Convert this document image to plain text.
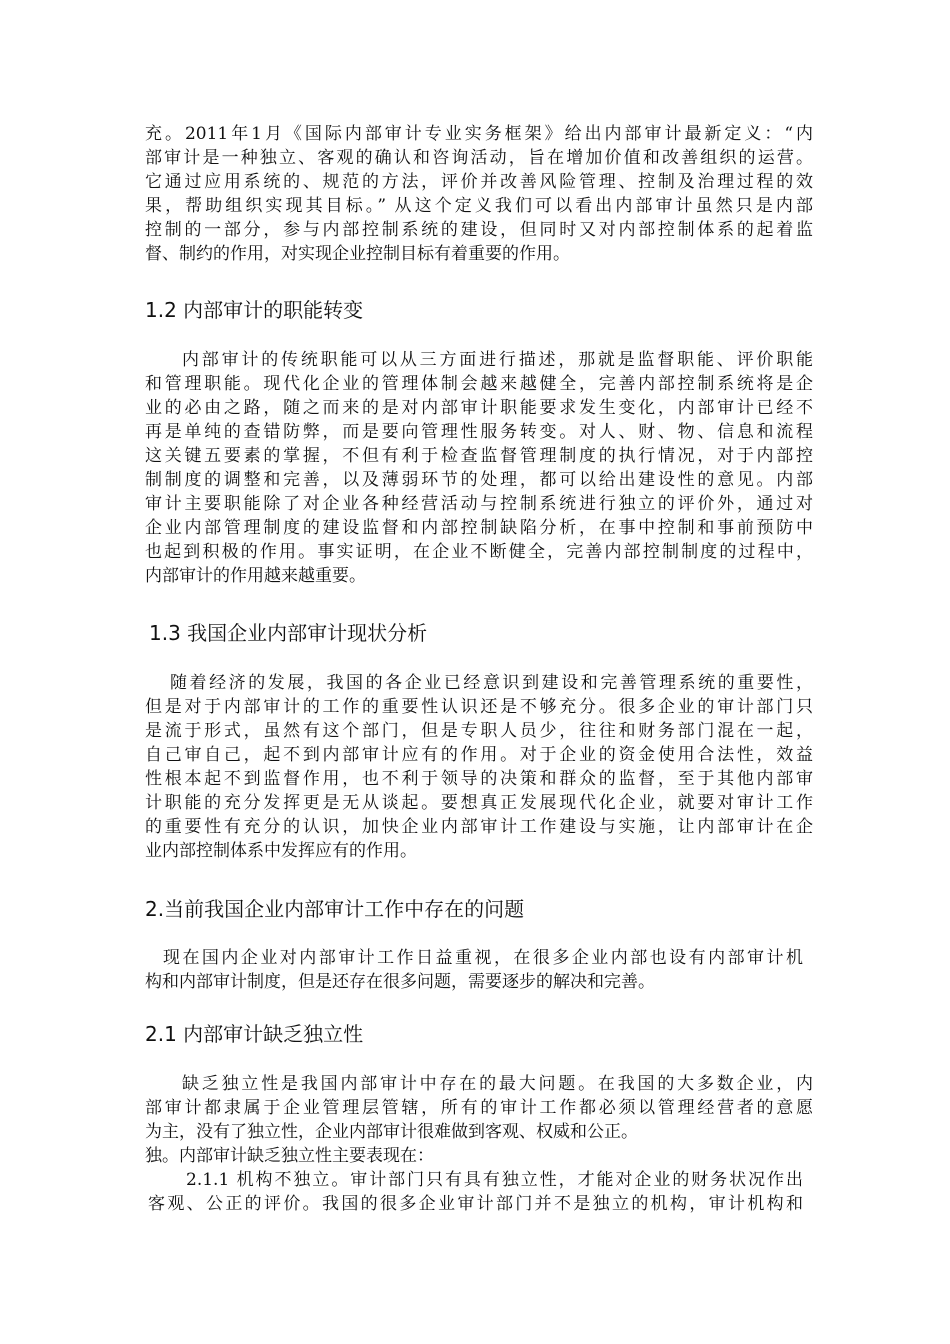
充。2011年1月《国际内部审计专业实务框架》给出内部审计最新定义：“内
部审计是一种独立、客观的确认和咨询活动，旨在增加价值和改善组织的运营。
它通过应用系统的、规范的方法，评价并改善风险管理、控制及治理过程的效
果，帮助组织实现其目标。” 从这个定义我们可以看出内部审计虽然只是内部
控制的一部分，参与内部控制系统的建设，但同时又对内部控制体系的起着监
督、制约的作用，对实现企业控制目标有着重要的作用。
1.2 内部审计的职能转变
内部审计的传统职能可以从三方面进行描述，那就是监督职能、评价职能
和管理职能。现代化企业的管理体制会越来越健全，完善内部控制系统将是企
业的必由之路，随之而来的是对内部审计职能要求发生变化，内部审计已经不
再是单纯的查错防弊，而是要向管理性服务转变。对人、财、物、信息和流程
这关键五要素的掌握，不但有利于检查监督管理制度的执行情况，对于内部控
制制度的调整和完善，以及薄弱环节的处理，都可以给出建设性的意见。内部
审计主要职能除了对企业各种经营活动与控制系统进行独立的评价外，通过对
企业内部管理制度的建设监督和内部控制缺陷分析，在事中控制和事前预防中
也起到积极的作用。事实证明，在企业不断健全，完善内部控制制度的过程中，
内部审计的作用越来越重要。
1.3 我国企业内部审计现状分析
随着经济的发展，我国的各企业已经意识到建设和完善管理系统的重要性，
但是对于内部审计的工作的重要性认识还是不够充分。很多企业的审计部门只
是流于形式，虽然有这个部门，但是专职人员少，往往和财务部门混在一起，
自己审自己，起不到内部审计应有的作用。对于企业的资金使用合法性，效益
性根本起不到监督作用，也不利于领导的决策和群众的监督，至于其他内部审
计职能的充分发挥更是无从谈起。要想真正发展现代化企业，就要对审计工作
的重要性有充分的认识，加快企业内部审计工作建设与实施，让内部审计在企
业内部控制体系中发挥应有的作用。
2.当前我国企业内部审计工作中存在的问题
现在国内企业对内部审计工作日益重视，在很多企业内部也设有内部审计机
构和内部审计制度，但是还存在很多问题，需要逐步的解决和完善。
2.1 内部审计缺乏独立性
缺乏独立性是我国内部审计中存在的最大问题。在我国的大多数企业，内
部审计都隶属于企业管理层管辖，所有的审计工作都必须以管理经营者的意愿
为主，没有了独立性，企业内部审计很难做到客观、权威和公正。
独。内部审计缺乏独立性主要表现在：
2.1.1 机构不独立。审计部门只有具有独立性，才能对企业的财务状况作出
客观、公正的评价。我国的很多企业审计部门并不是独立的机构，审计机构和
